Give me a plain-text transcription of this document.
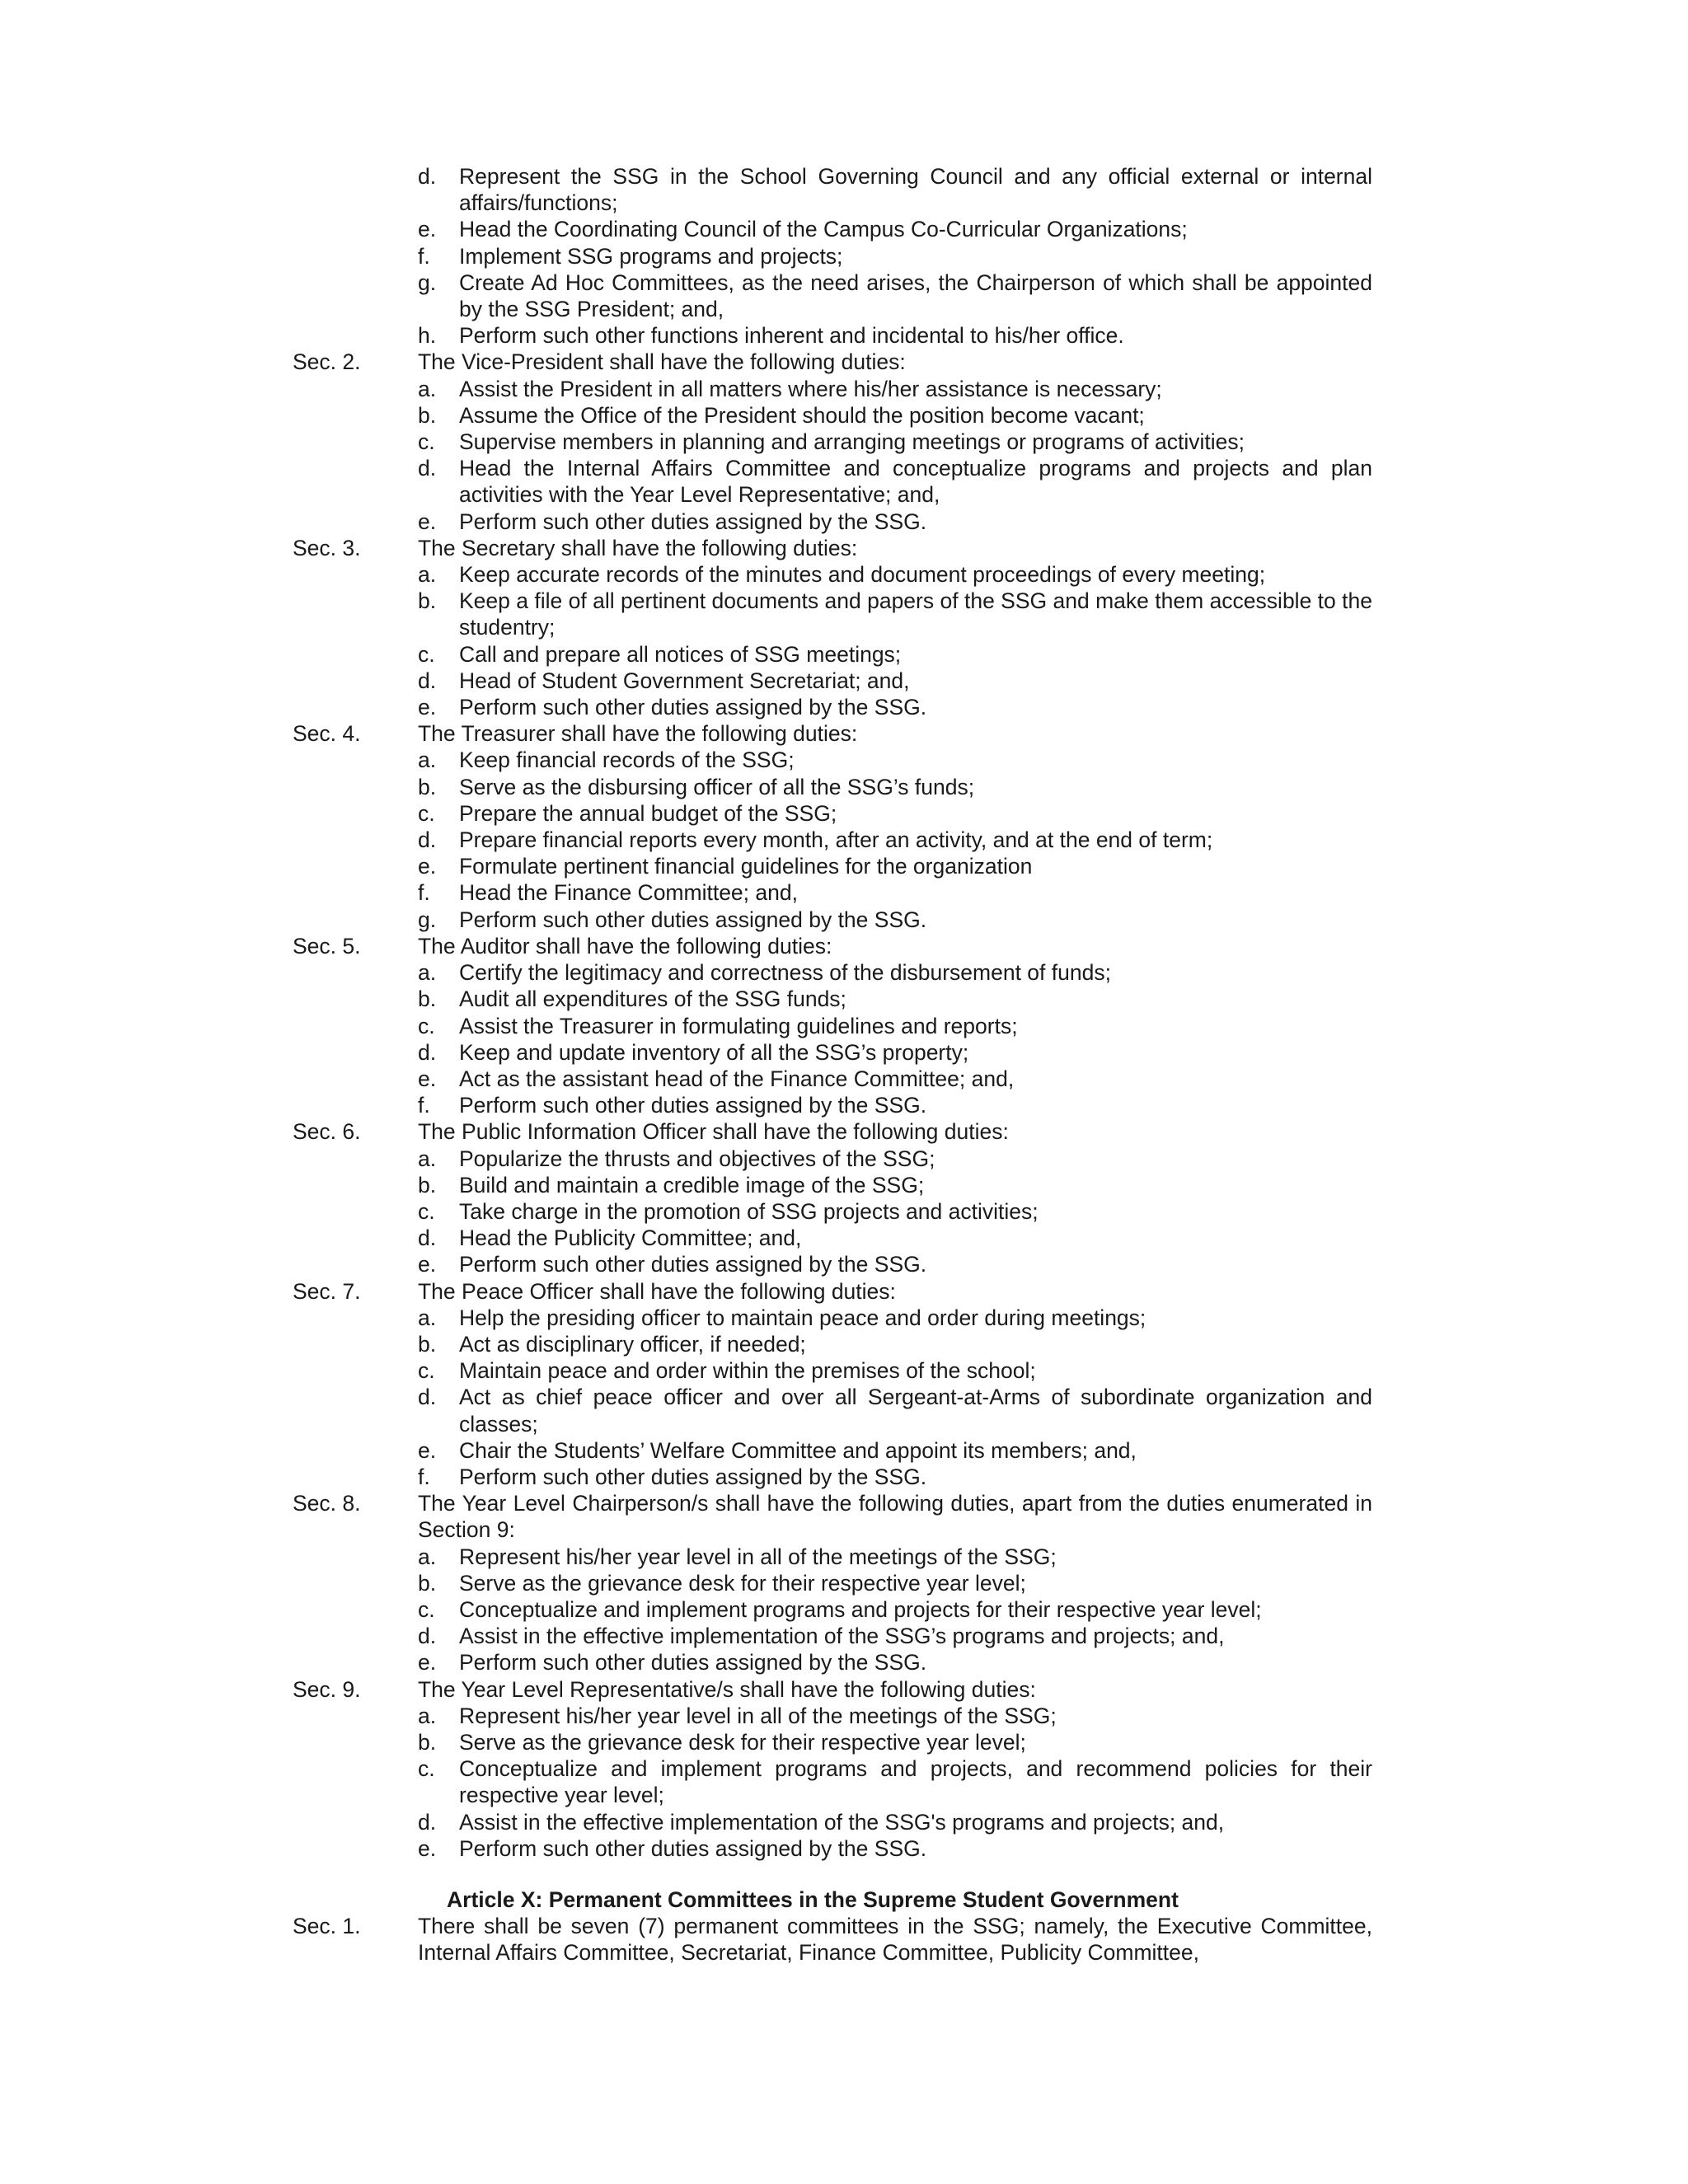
d.	Represent the SSG in the School Governing Council and any official external or internal affairs/functions;
e.	Head the Coordinating Council of the Campus Co-Curricular Organizations;
f.	Implement SSG programs and projects;
g.	Create Ad Hoc Committees, as the need arises, the Chairperson of which shall be appointed by the SSG President; and,
h.	Perform such other functions inherent and incidental to his/her office.
Sec. 2.	The Vice-President shall have the following duties:
a.	Assist the President in all matters where his/her assistance is necessary;
b.	Assume the Office of the President should the position become vacant;
c.	Supervise members in planning and arranging meetings or programs of activities;
d.	Head the Internal Affairs Committee and conceptualize programs and projects and plan activities with the Year Level Representative; and,
e.	Perform such other duties assigned by the SSG.
Sec. 3.	The Secretary shall have the following duties:
a.	Keep accurate records of the minutes and document proceedings of every meeting;
b.	Keep a file of all pertinent documents and papers of the SSG and make them accessible to the studentry;
c.	Call and prepare all notices of SSG meetings;
d.	Head of Student Government Secretariat; and,
e.	Perform such other duties assigned by the SSG.
Sec. 4.	The Treasurer shall have the following duties:
a.	Keep financial records of the SSG;
b.	Serve as the disbursing officer of all the SSG’s funds;
c.	Prepare the annual budget of the SSG;
d.	Prepare financial reports every month, after an activity, and at the end of term;
e.	Formulate pertinent financial guidelines for the organization
f.	Head the Finance Committee; and,
g.	Perform such other duties assigned by the SSG.
Sec. 5.	The Auditor shall have the following duties:
a.	Certify the legitimacy and correctness of the disbursement of funds;
b.	Audit all expenditures of the SSG funds;
c.	Assist the Treasurer in formulating guidelines and reports;
d.	Keep and update inventory of all the SSG’s property;
e.	Act as the assistant head of the Finance Committee; and,
f.	Perform such other duties assigned by the SSG.
Sec. 6.	The Public Information Officer shall have the following duties:
a.	Popularize the thrusts and objectives of the SSG;
b.	Build and maintain a credible image of the SSG;
c.	Take charge in the promotion of SSG projects and activities;
d.	Head the Publicity Committee; and,
e.	Perform such other duties assigned by the SSG.
Sec. 7.	The Peace Officer shall have the following duties:
a.	Help the presiding officer to maintain peace and order during meetings;
b.	Act as disciplinary officer, if needed;
c.	Maintain peace and order within the premises of the school;
d.	Act as chief peace officer and over all Sergeant-at-Arms of subordinate organization and classes;
e.	Chair the Students’ Welfare Committee and appoint its members; and,
f.	Perform such other duties assigned by the SSG.
Sec. 8.	The Year Level Chairperson/s shall have the following duties, apart from the duties enumerated in Section 9:
a.	Represent his/her year level in all of the meetings of the SSG;
b.	Serve as the grievance desk for their respective year level;
c.	Conceptualize and implement programs and projects for their respective year level;
d.	Assist in the effective implementation of the SSG’s programs and projects; and,
e.	Perform such other duties assigned by the SSG.
Sec. 9.	The Year Level Representative/s shall have the following duties:
a.	Represent his/her year level in all of the meetings of the SSG;
b.	Serve as the grievance desk for their respective year level;
c.	Conceptualize and implement programs and projects, and recommend policies for their respective year level;
d.	Assist in the effective implementation of the SSG's programs and projects; and,
e.	Perform such other duties assigned by the SSG.
Article X: Permanent Committees in the Supreme Student Government
Sec. 1.	There shall be seven (7) permanent committees in the SSG; namely, the Executive Committee, Internal Affairs Committee, Secretariat, Finance Committee, Publicity Committee,
